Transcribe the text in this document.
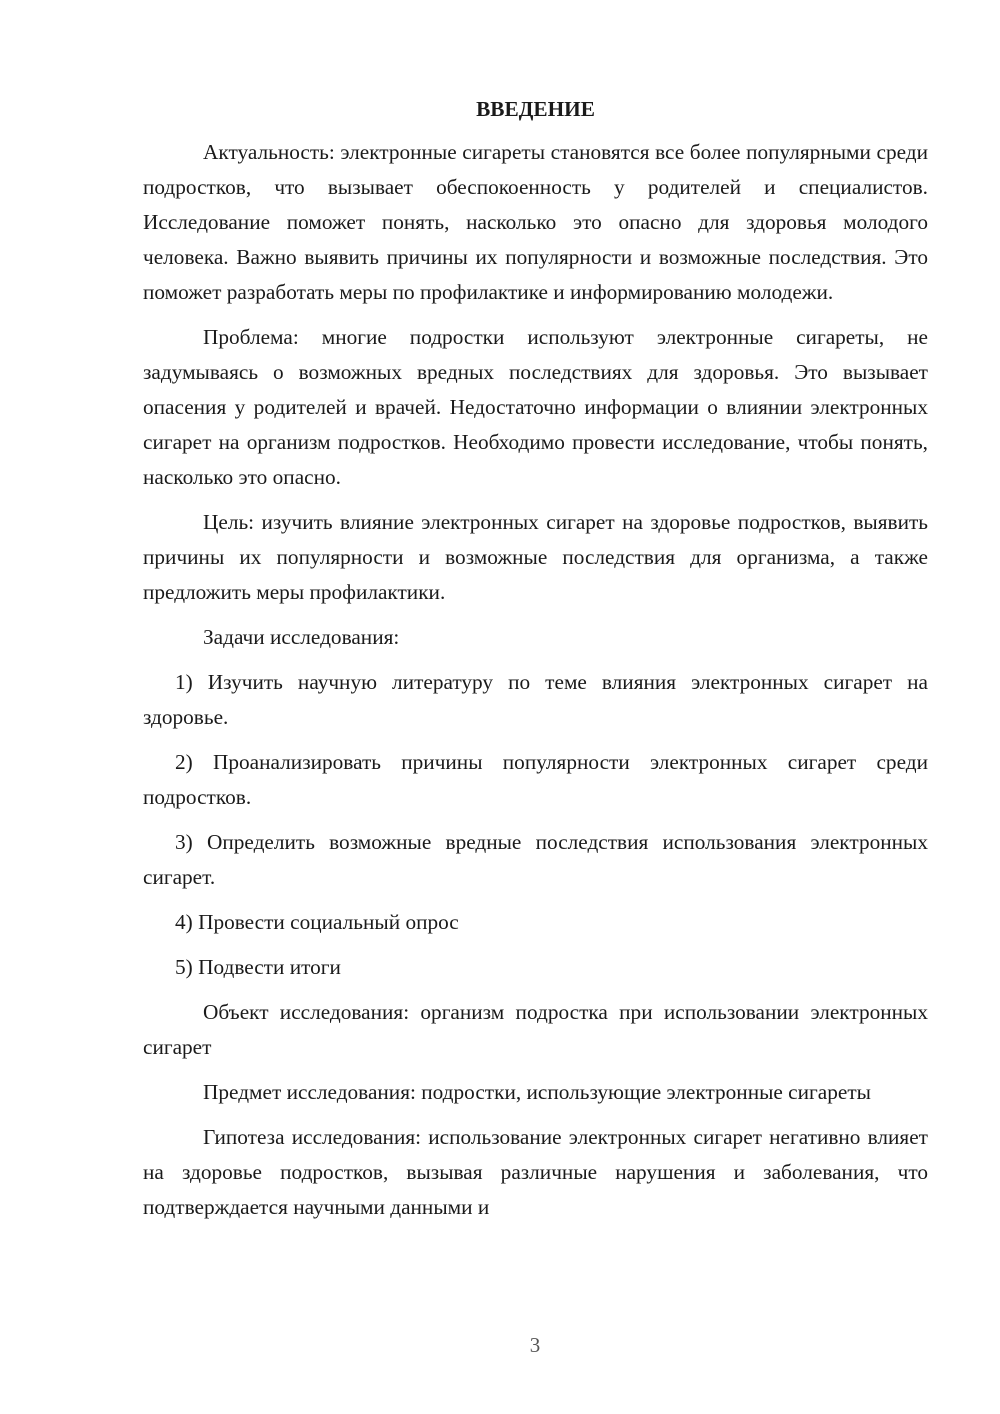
ВВЕДЕНИЕ

Актуальность: электронные сигареты становятся все более популярными среди подростков, что вызывает обеспокоенность у родителей и специалистов. Исследование поможет понять, насколько это опасно для здоровья молодого человека. Важно выявить причины их популярности и возможные последствия. Это поможет разработать меры по профилактике и информированию молодежи.

Проблема: многие подростки используют электронные сигареты, не задумываясь о возможных вредных последствиях для здоровья. Это вызывает опасения у родителей и врачей. Недостаточно информации о влиянии электронных сигарет на организм подростков. Необходимо провести исследование, чтобы понять, насколько это опасно.

Цель: изучить влияние электронных сигарет на здоровье подростков, выявить причины их популярности и возможные последствия для организма, а также предложить меры профилактики.

Задачи исследования:

1) Изучить научную литературу по теме влияния электронных сигарет на здоровье.

2) Проанализировать причины популярности электронных сигарет среди подростков.

3) Определить возможные вредные последствия использования электронных сигарет.

4) Провести социальный опрос

5) Подвести итоги

Объект исследования: организм подростка при использовании электронных сигарет

Предмет исследования: подростки, использующие электронные сигареты

Гипотеза исследования: использование электронных сигарет негативно влияет на здоровье подростков, вызывая различные нарушения и заболевания, что подтверждается научными данными и

3
